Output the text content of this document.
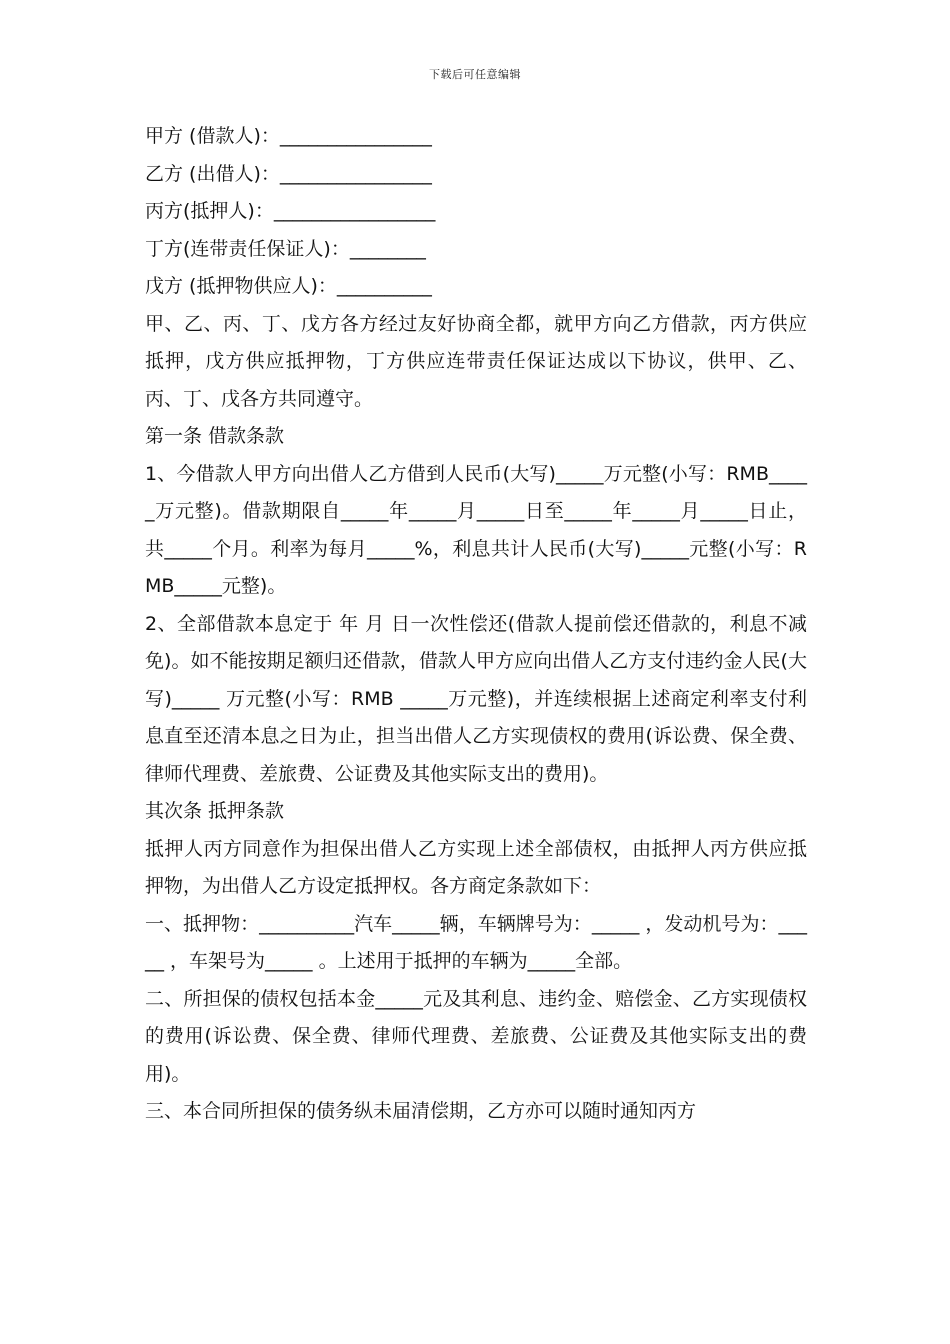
下载后可任意编辑
甲方 (借款人)：________________
乙方 (出借人)：________________
丙方(抵押人)：_________________
丁方(连带责任保证人)：________
戊方 (抵押物供应人)：__________
甲、乙、丙、丁、戊方各方经过友好协商全都，就甲方向乙方借款，丙方供应抵押，戊方供应抵押物，丁方供应连带责任保证达成以下协议，供甲、乙、丙、丁、戊各方共同遵守。
第一条 借款条款
1、今借款人甲方向出借人乙方借到人民币(大写)_____万元整(小写：RMB_____万元整)。借款期限自_____年_____月_____日至_____年_____月_____日止，共_____个月。利率为每月_____%，利息共计人民币(大写)_____元整(小写：RMB_____元整)。
2、全部借款本息定于 年 月 日一次性偿还(借款人提前偿还借款的，利息不减免)。如不能按期足额归还借款，借款人甲方应向出借人乙方支付违约金人民(大写)_____ 万元整(小写：RMB _____万元整)，并连续根据上述商定利率支付利息直至还清本息之日为止，担当出借人乙方实现债权的费用(诉讼费、保全费、律师代理费、差旅费、公证费及其他实际支出的费用)。
其次条 抵押条款
抵押人丙方同意作为担保出借人乙方实现上述全部债权，由抵押人丙方供应抵押物，为出借人乙方设定抵押权。各方商定条款如下：
一、抵押物：__________汽车_____辆，车辆牌号为：_____ ，发动机号为：_____ ，车架号为_____ 。上述用于抵押的车辆为_____全部。
二、所担保的债权包括本金_____元及其利息、违约金、赔偿金、乙方实现债权的费用(诉讼费、保全费、律师代理费、差旅费、公证费及其他实际支出的费用)。
三、本合同所担保的债务纵未届清偿期，乙方亦可以随时通知丙方
